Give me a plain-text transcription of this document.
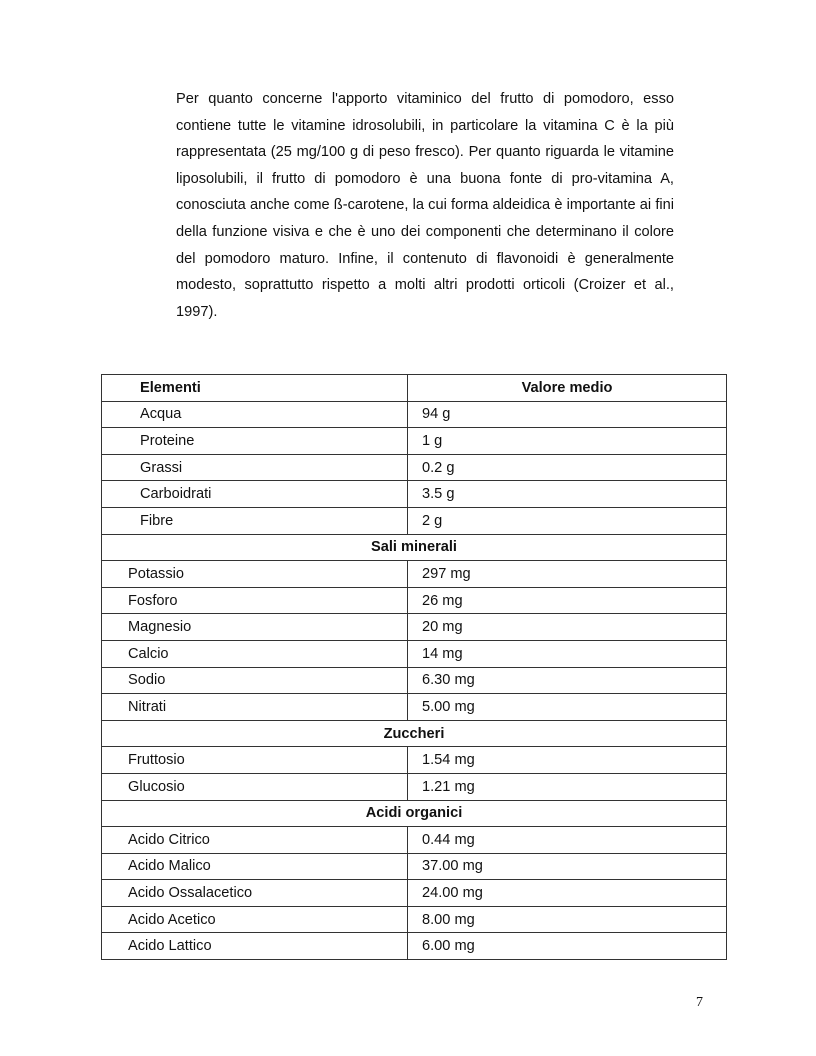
Per quanto concerne l'apporto vitaminico del frutto di pomodoro, esso contiene tutte le vitamine idrosolubili, in particolare la vitamina C è la più rappresentata (25 mg/100 g di peso fresco). Per quanto riguarda le vitamine liposolubili, il frutto di pomodoro è una buona fonte di pro-vitamina A, conosciuta anche come ß-carotene, la cui forma aldeidica è importante ai fini della funzione visiva e che è uno dei componenti che determinano il colore del pomodoro maturo. Infine, il contenuto di flavonoidi è generalmente modesto, soprattutto rispetto a molti altri prodotti orticoli (Croizer et al., 1997).

Elementi	Valore medio
Acqua	94 g
Proteine	1 g
Grassi	0.2 g
Carboidrati	3.5 g
Fibre	2 g
Sali minerali	
Potassio	297 mg
Fosforo	26 mg
Magnesio	20 mg
Calcio	14 mg
Sodio	6.30 mg
Nitrati	5.00 mg
Zuccheri	
Fruttosio	1.54 mg
Glucosio	1.21 mg
Acidi organici	
Acido Citrico	0.44 mg
Acido Malico	37.00 mg
Acido Ossalacetico	24.00 mg
Acido Acetico	8.00 mg
Acido Lattico	6.00 mg
7
